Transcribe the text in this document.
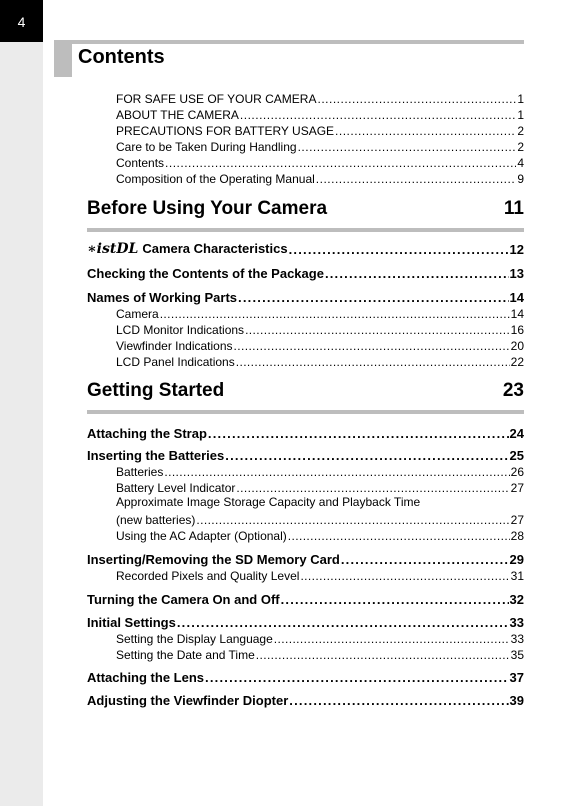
4
Contents
FOR SAFE USE OF YOUR CAMERA .....	1
ABOUT THE CAMERA .....	1
PRECAUTIONS FOR BATTERY USAGE .....	2
Care to be Taken During Handling .....	2
Contents .....	4
Composition of the Operating Manual .....	9
Before Using Your Camera	11
∗istDL Camera Characteristics .....	12
Checking the Contents of the Package .....	13
Names of Working Parts .....	14
Camera .....	14
LCD Monitor Indications .....	16
Viewfinder Indications .....	20
LCD Panel Indications .....	22
Getting Started	23
Attaching the Strap .....	24
Inserting the Batteries .....	25
Batteries .....	26
Battery Level Indicator .....	27
Approximate Image Storage Capacity and Playback Time
(new batteries) .....	27
Using the AC Adapter (Optional) .....	28
Inserting/Removing the SD Memory Card .....	29
Recorded Pixels and Quality Level .....	31
Turning the Camera On and Off .....	32
Initial Settings .....	33
Setting the Display Language .....	33
Setting the Date and Time .....	35
Attaching the Lens .....	37
Adjusting the Viewfinder Diopter .....	39
